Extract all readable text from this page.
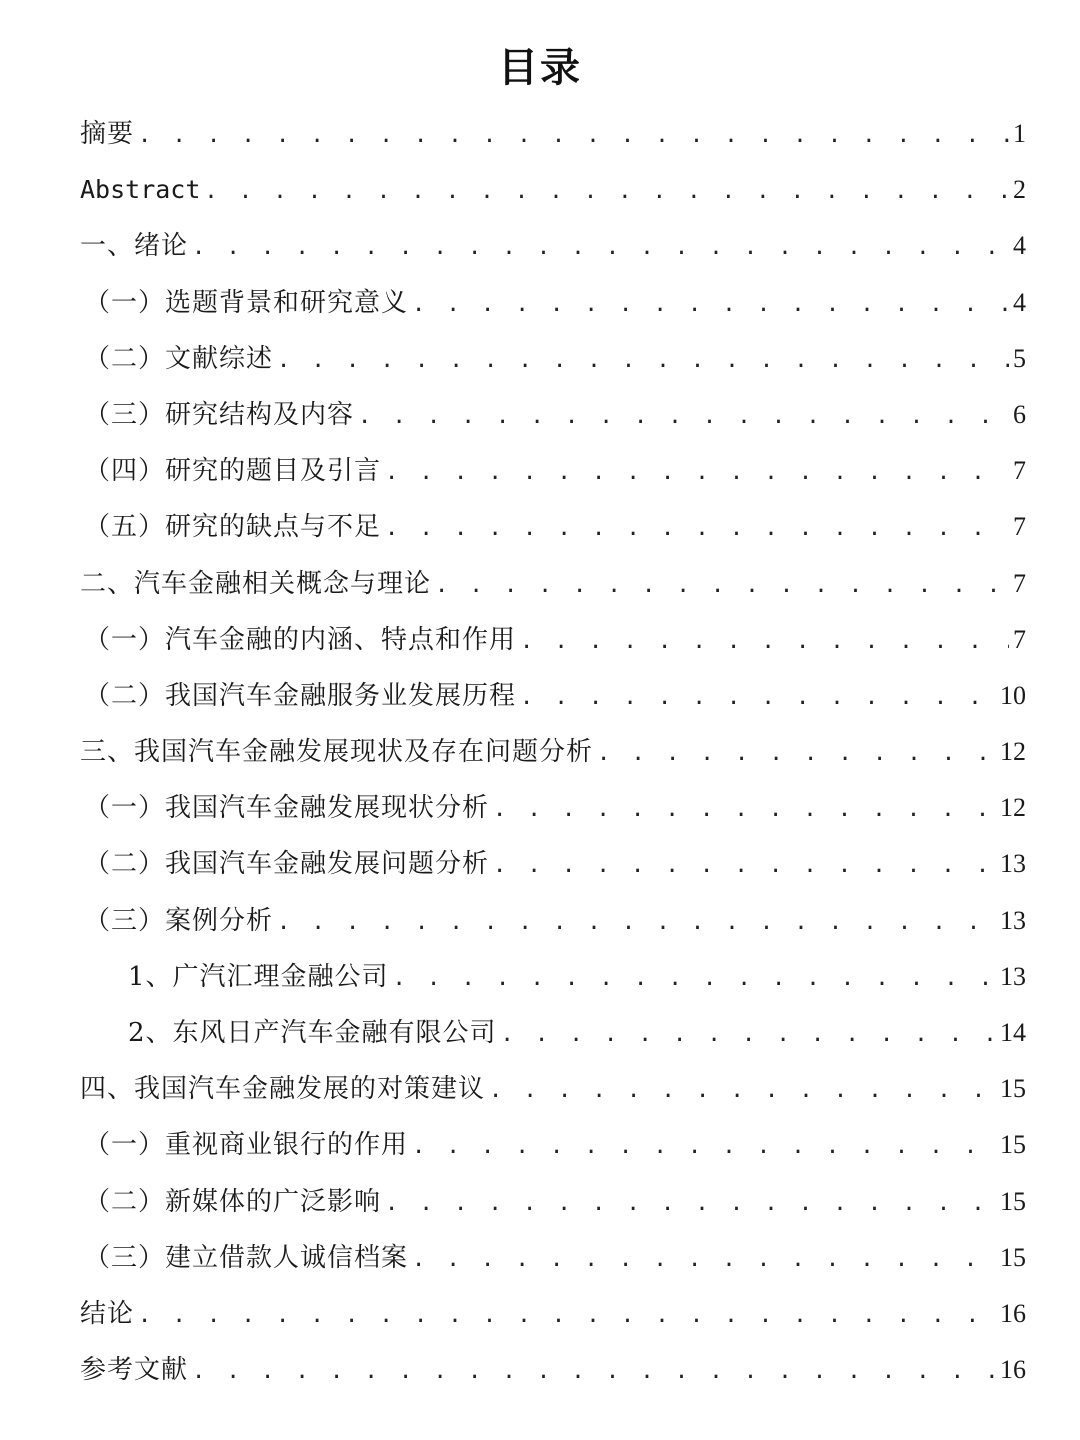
目录
摘要 . . .	1
Abstract . . .	2
一、绪论 . . .	4
（一）选题背景和研究意义 . . .	4
（二）文献综述 . . .	5
（三）研究结构及内容 . . .	6
（四）研究的题目及引言 . . .	7
（五）研究的缺点与不足 . . .	7
二、汽车金融相关概念与理论 . . .	7
（一）汽车金融的内涵、特点和作用 . . .	7
（二）我国汽车金融服务业发展历程 . . .	10
三、我国汽车金融发展现状及存在问题分析 . . .	12
（一）我国汽车金融发展现状分析 . . .	12
（二）我国汽车金融发展问题分析 . . .	13
（三）案例分析 . . .	13
1、广汽汇理金融公司 . . .	13
2、东风日产汽车金融有限公司 . . .	14
四、我国汽车金融发展的对策建议 . . .	15
（一）重视商业银行的作用 . . .	15
（二）新媒体的广泛影响 . . .	15
（三）建立借款人诚信档案 . . .	15
结论 . . .	16
参考文献 . . .	16
